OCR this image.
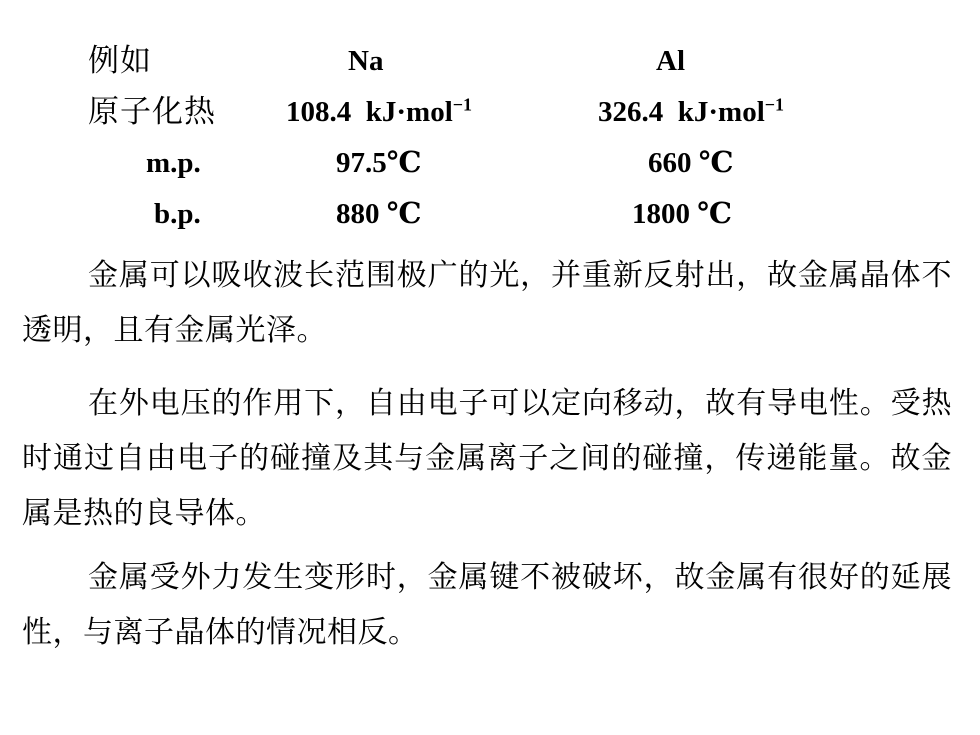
例如	Na	Al
原子化热 108.4 kJ·mol$^{-1}$	326.4 kJ·mol$^{-1}$
m.p.	97.5℃	660 ℃
b.p.	880 ℃	1800 ℃

金属可以吸收波长范围极广的光，并重新反射出，故金属晶体不透明，且有金属光泽。

在外电压的作用下，自由电子可以定向移动，故有导电性。受热时通过自由电子的碰撞及其与金属离子之间的碰撞，传递能量。故金属是热的良导体。

金属受外力发生变形时，金属键不被破坏，故金属有很好的延展性，与离子晶体的情况相反。
